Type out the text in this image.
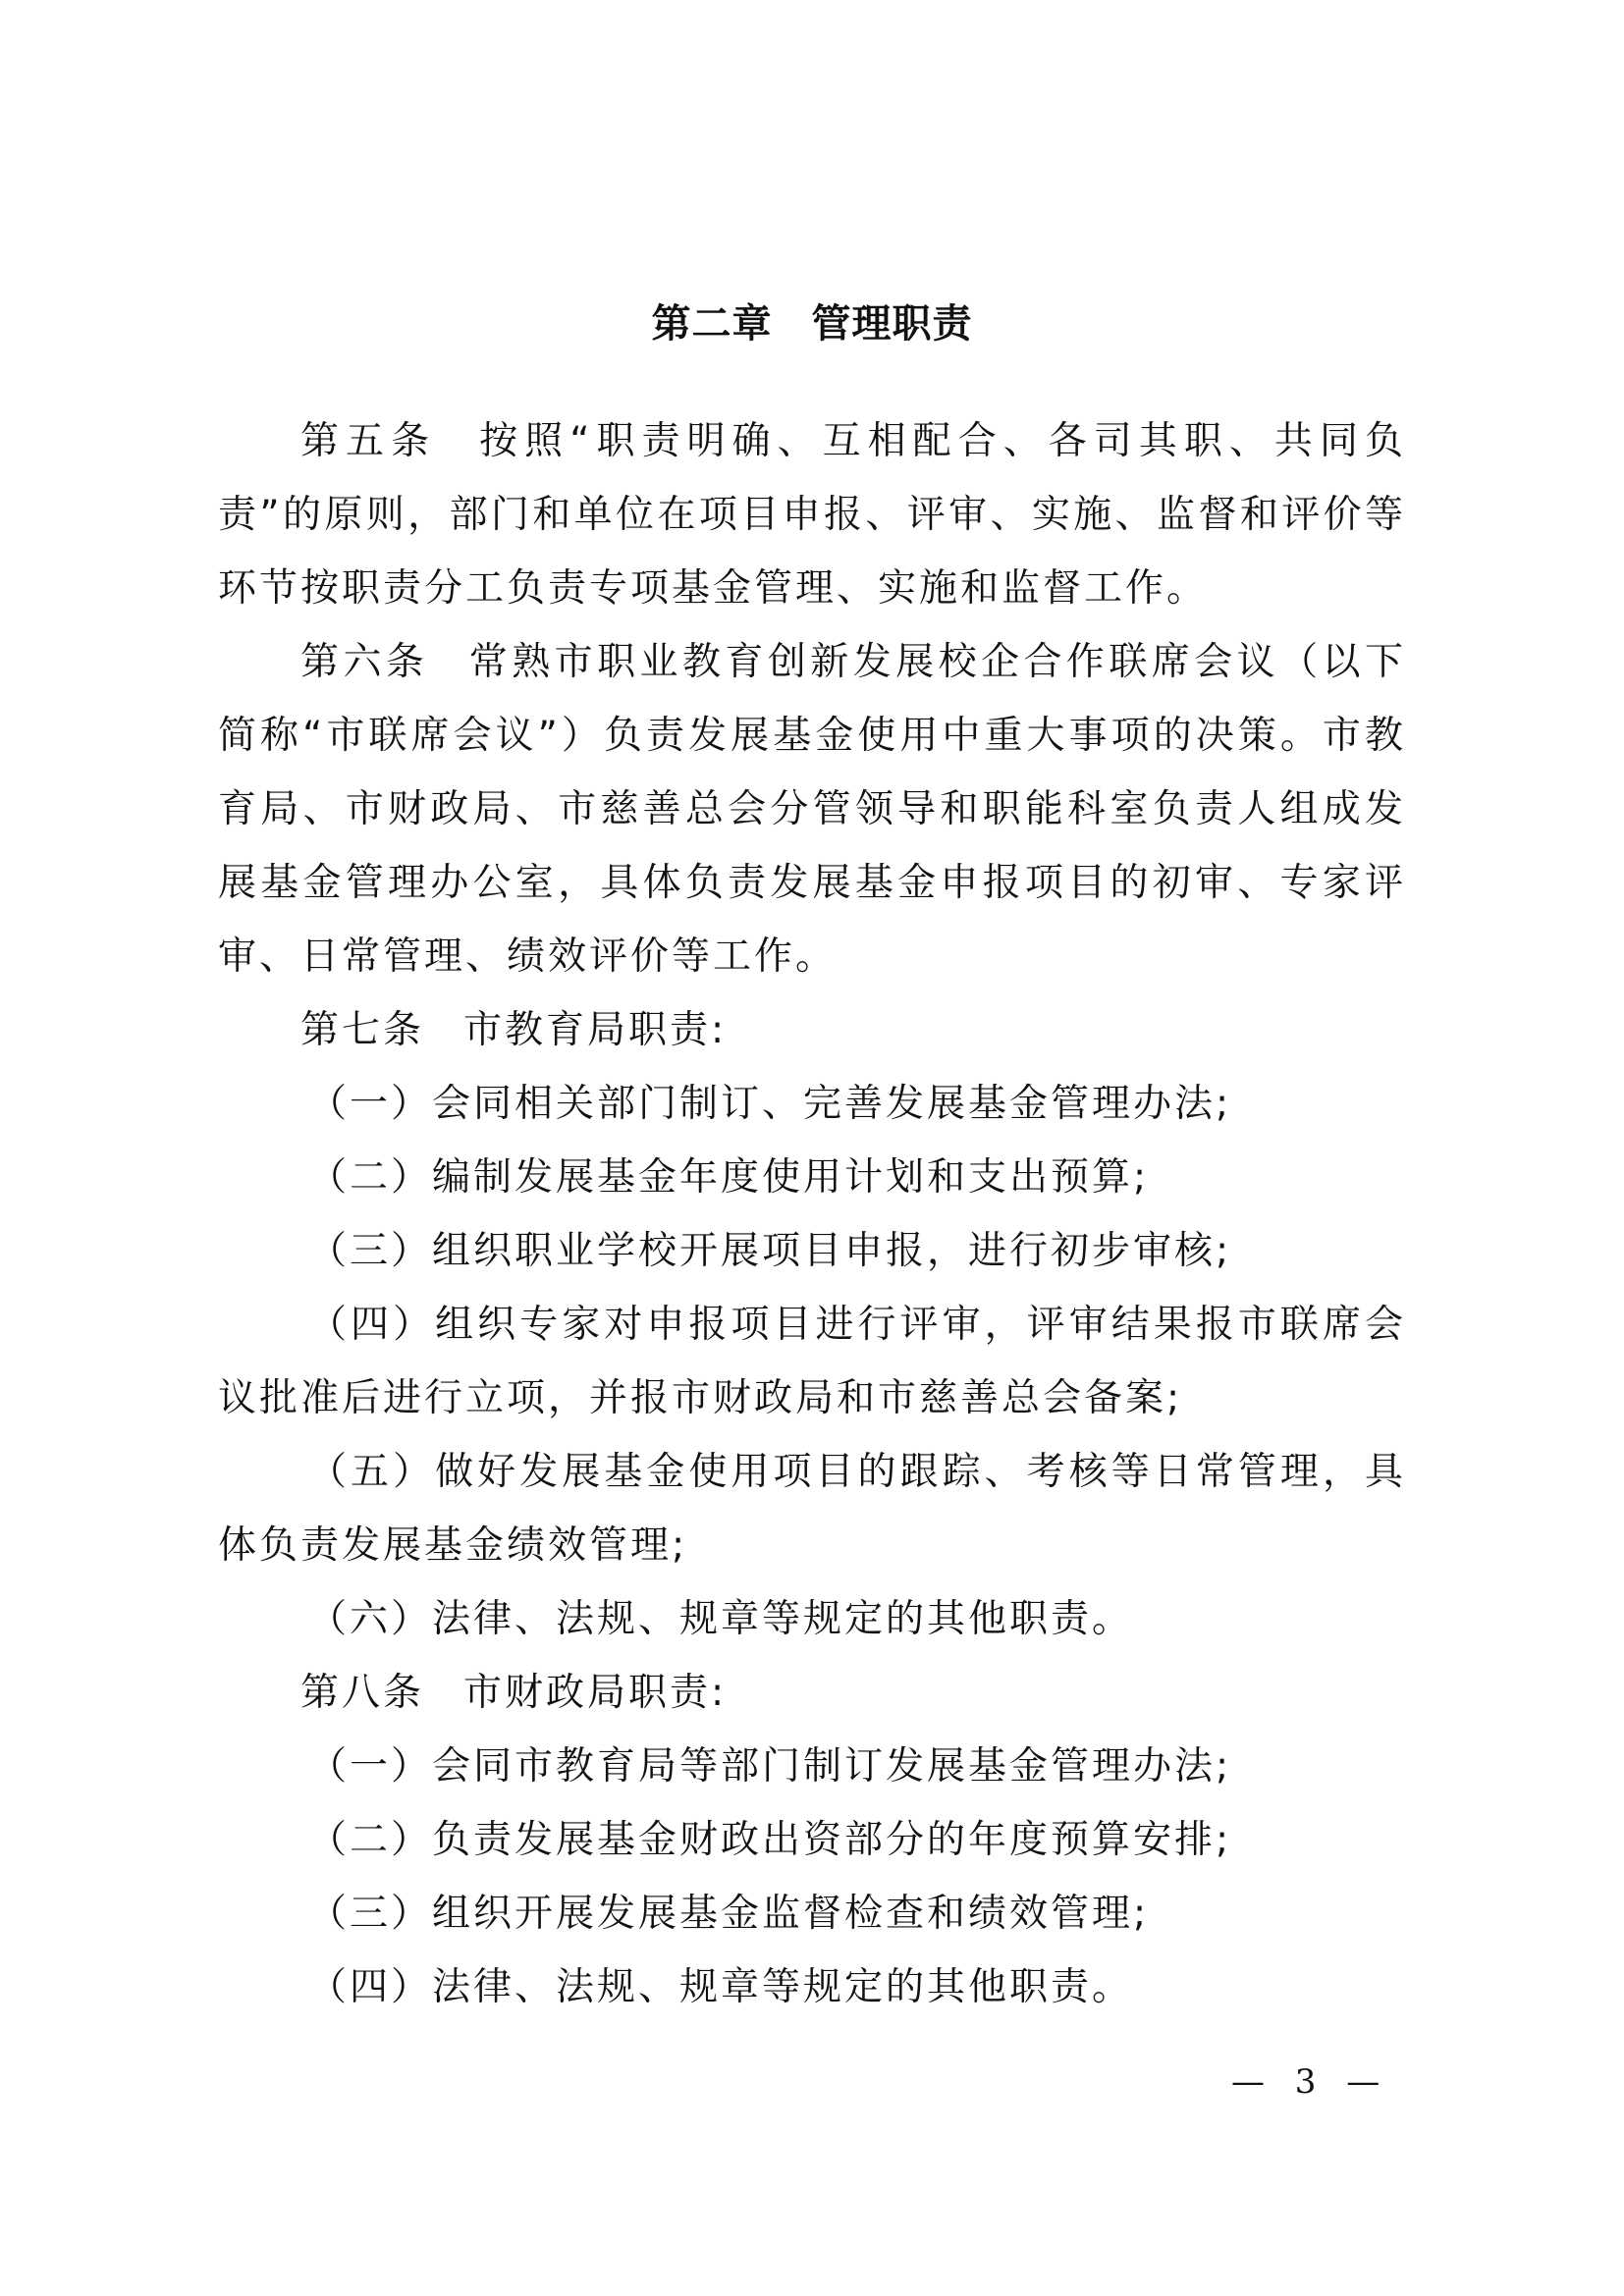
第二章 管理职责

第五条 按照“职责明确、互相配合、各司其职、共同负责”的原则，部门和单位在项目申报、评审、实施、监督和评价等环节按职责分工负责专项基金管理、实施和监督工作。

第六条 常熟市职业教育创新发展校企合作联席会议（以下简称“市联席会议”）负责发展基金使用中重大事项的决策。市教育局、市财政局、市慈善总会分管领导和职能科室负责人组成发展基金管理办公室，具体负责发展基金申报项目的初审、专家评审、日常管理、绩效评价等工作。

第七条 市教育局职责:

（一）会同相关部门制订、完善发展基金管理办法;

（二）编制发展基金年度使用计划和支出预算;

（三）组织职业学校开展项目申报，进行初步审核;

（四）组织专家对申报项目进行评审，评审结果报市联席会议批准后进行立项，并报市财政局和市慈善总会备案;

（五）做好发展基金使用项目的跟踪、考核等日常管理，具体负责发展基金绩效管理;

（六）法律、法规、规章等规定的其他职责。

第八条 市财政局职责:

（一）会同市教育局等部门制订发展基金管理办法;

（二）负责发展基金财政出资部分的年度预算安排;

（三）组织开展发展基金监督检查和绩效管理;

（四）法律、法规、规章等规定的其他职责。

— 3 —
